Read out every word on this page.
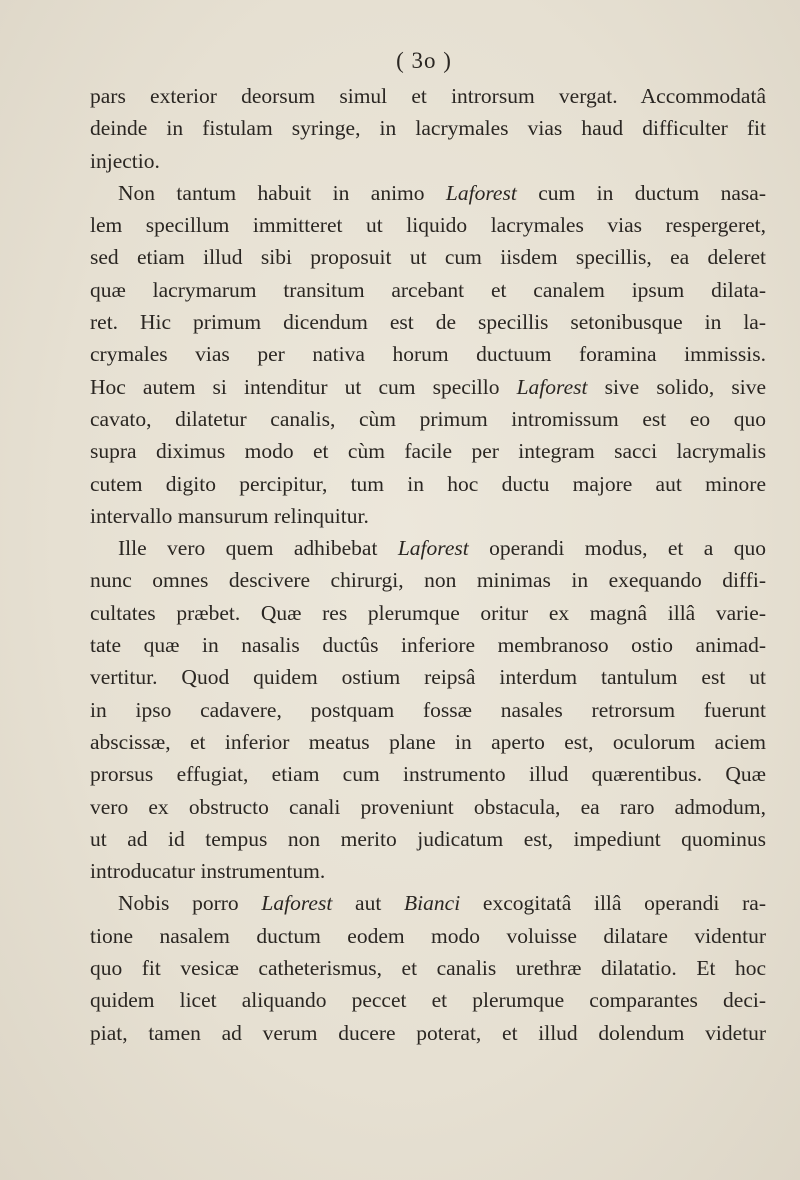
( 3o )
pars exterior deorsum simul et introrsum vergat. Accommodatâ
deinde in fistulam syringe, in lacrymales vias haud difficulter fit
injectio.
Non tantum habuit in animo Laforest cum in ductum nasa-
lem specillum immitteret ut liquido lacrymales vias respergeret,
sed etiam illud sibi proposuit ut cum iisdem specillis, ea deleret
quæ lacrymarum transitum arcebant et canalem ipsum dilata-
ret. Hic primum dicendum est de specillis setonibusque in la-
crymales vias per nativa horum ductuum foramina immissis.
Hoc autem si intenditur ut cum specillo Laforest sive solido, sive
cavato, dilatetur canalis, cùm primum intromissum est eo quo
supra diximus modo et cùm facile per integram sacci lacrymalis
cutem digito percipitur, tum in hoc ductu majore aut minore
intervallo mansurum relinquitur.
Ille vero quem adhibebat Laforest operandi modus, et a quo
nunc omnes descivere chirurgi, non minimas in exequando diffi-
cultates præbet. Quæ res plerumque oritur ex magnâ illâ varie-
tate quæ in nasalis ductûs inferiore membranoso ostio animad-
vertitur. Quod quidem ostium reipsâ interdum tantulum est ut
in ipso cadavere, postquam fossæ nasales retrorsum fuerunt
abscissæ, et inferior meatus plane in aperto est, oculorum aciem
prorsus effugiat, etiam cum instrumento illud quærentibus. Quæ
vero ex obstructo canali proveniunt obstacula, ea raro admodum,
ut ad id tempus non merito judicatum est, impediunt quominus
introducatur instrumentum.
Nobis porro Laforest aut Bianci excogitatâ illâ operandi ra-
tione nasalem ductum eodem modo voluisse dilatare videntur
quo fit vesicæ catheterismus, et canalis urethræ dilatatio. Et hoc
quidem licet aliquando peccet et plerumque comparantes deci-
piat, tamen ad verum ducere poterat, et illud dolendum videtur
